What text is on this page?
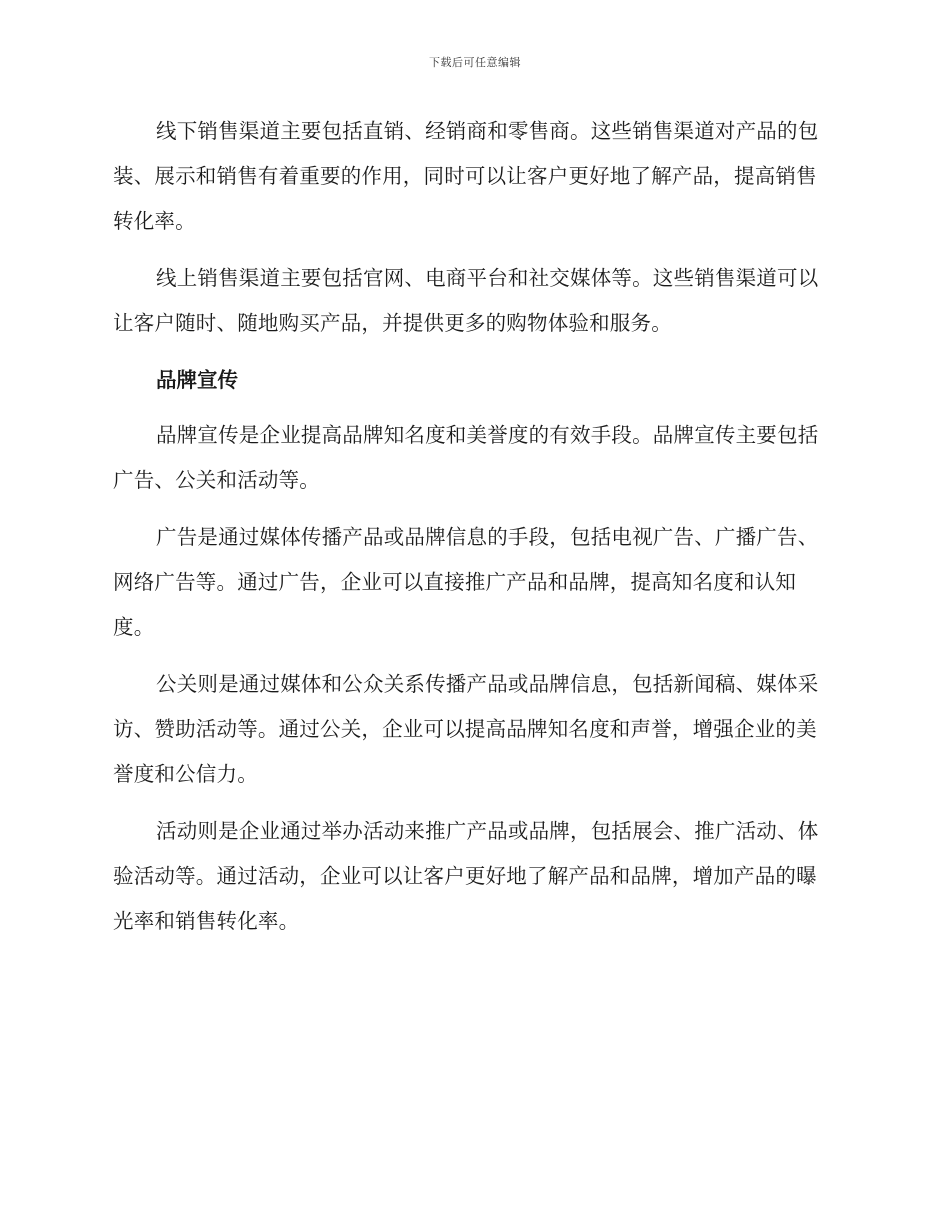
下载后可任意编辑

线下销售渠道主要包括直销、经销商和零售商。这些销售渠道对产品的包装、展示和销售有着重要的作用，同时可以让客户更好地了解产品，提高销售转化率。

线上销售渠道主要包括官网、电商平台和社交媒体等。这些销售渠道可以让客户随时、随地购买产品，并提供更多的购物体验和服务。

品牌宣传

品牌宣传是企业提高品牌知名度和美誉度的有效手段。品牌宣传主要包括广告、公关和活动等。

广告是通过媒体传播产品或品牌信息的手段，包括电视广告、广播广告、网络广告等。通过广告，企业可以直接推广产品和品牌，提高知名度和认知度。

公关则是通过媒体和公众关系传播产品或品牌信息，包括新闻稿、媒体采访、赞助活动等。通过公关，企业可以提高品牌知名度和声誉，增强企业的美誉度和公信力。

活动则是企业通过举办活动来推广产品或品牌，包括展会、推广活动、体验活动等。通过活动，企业可以让客户更好地了解产品和品牌，增加产品的曝光率和销售转化率。
